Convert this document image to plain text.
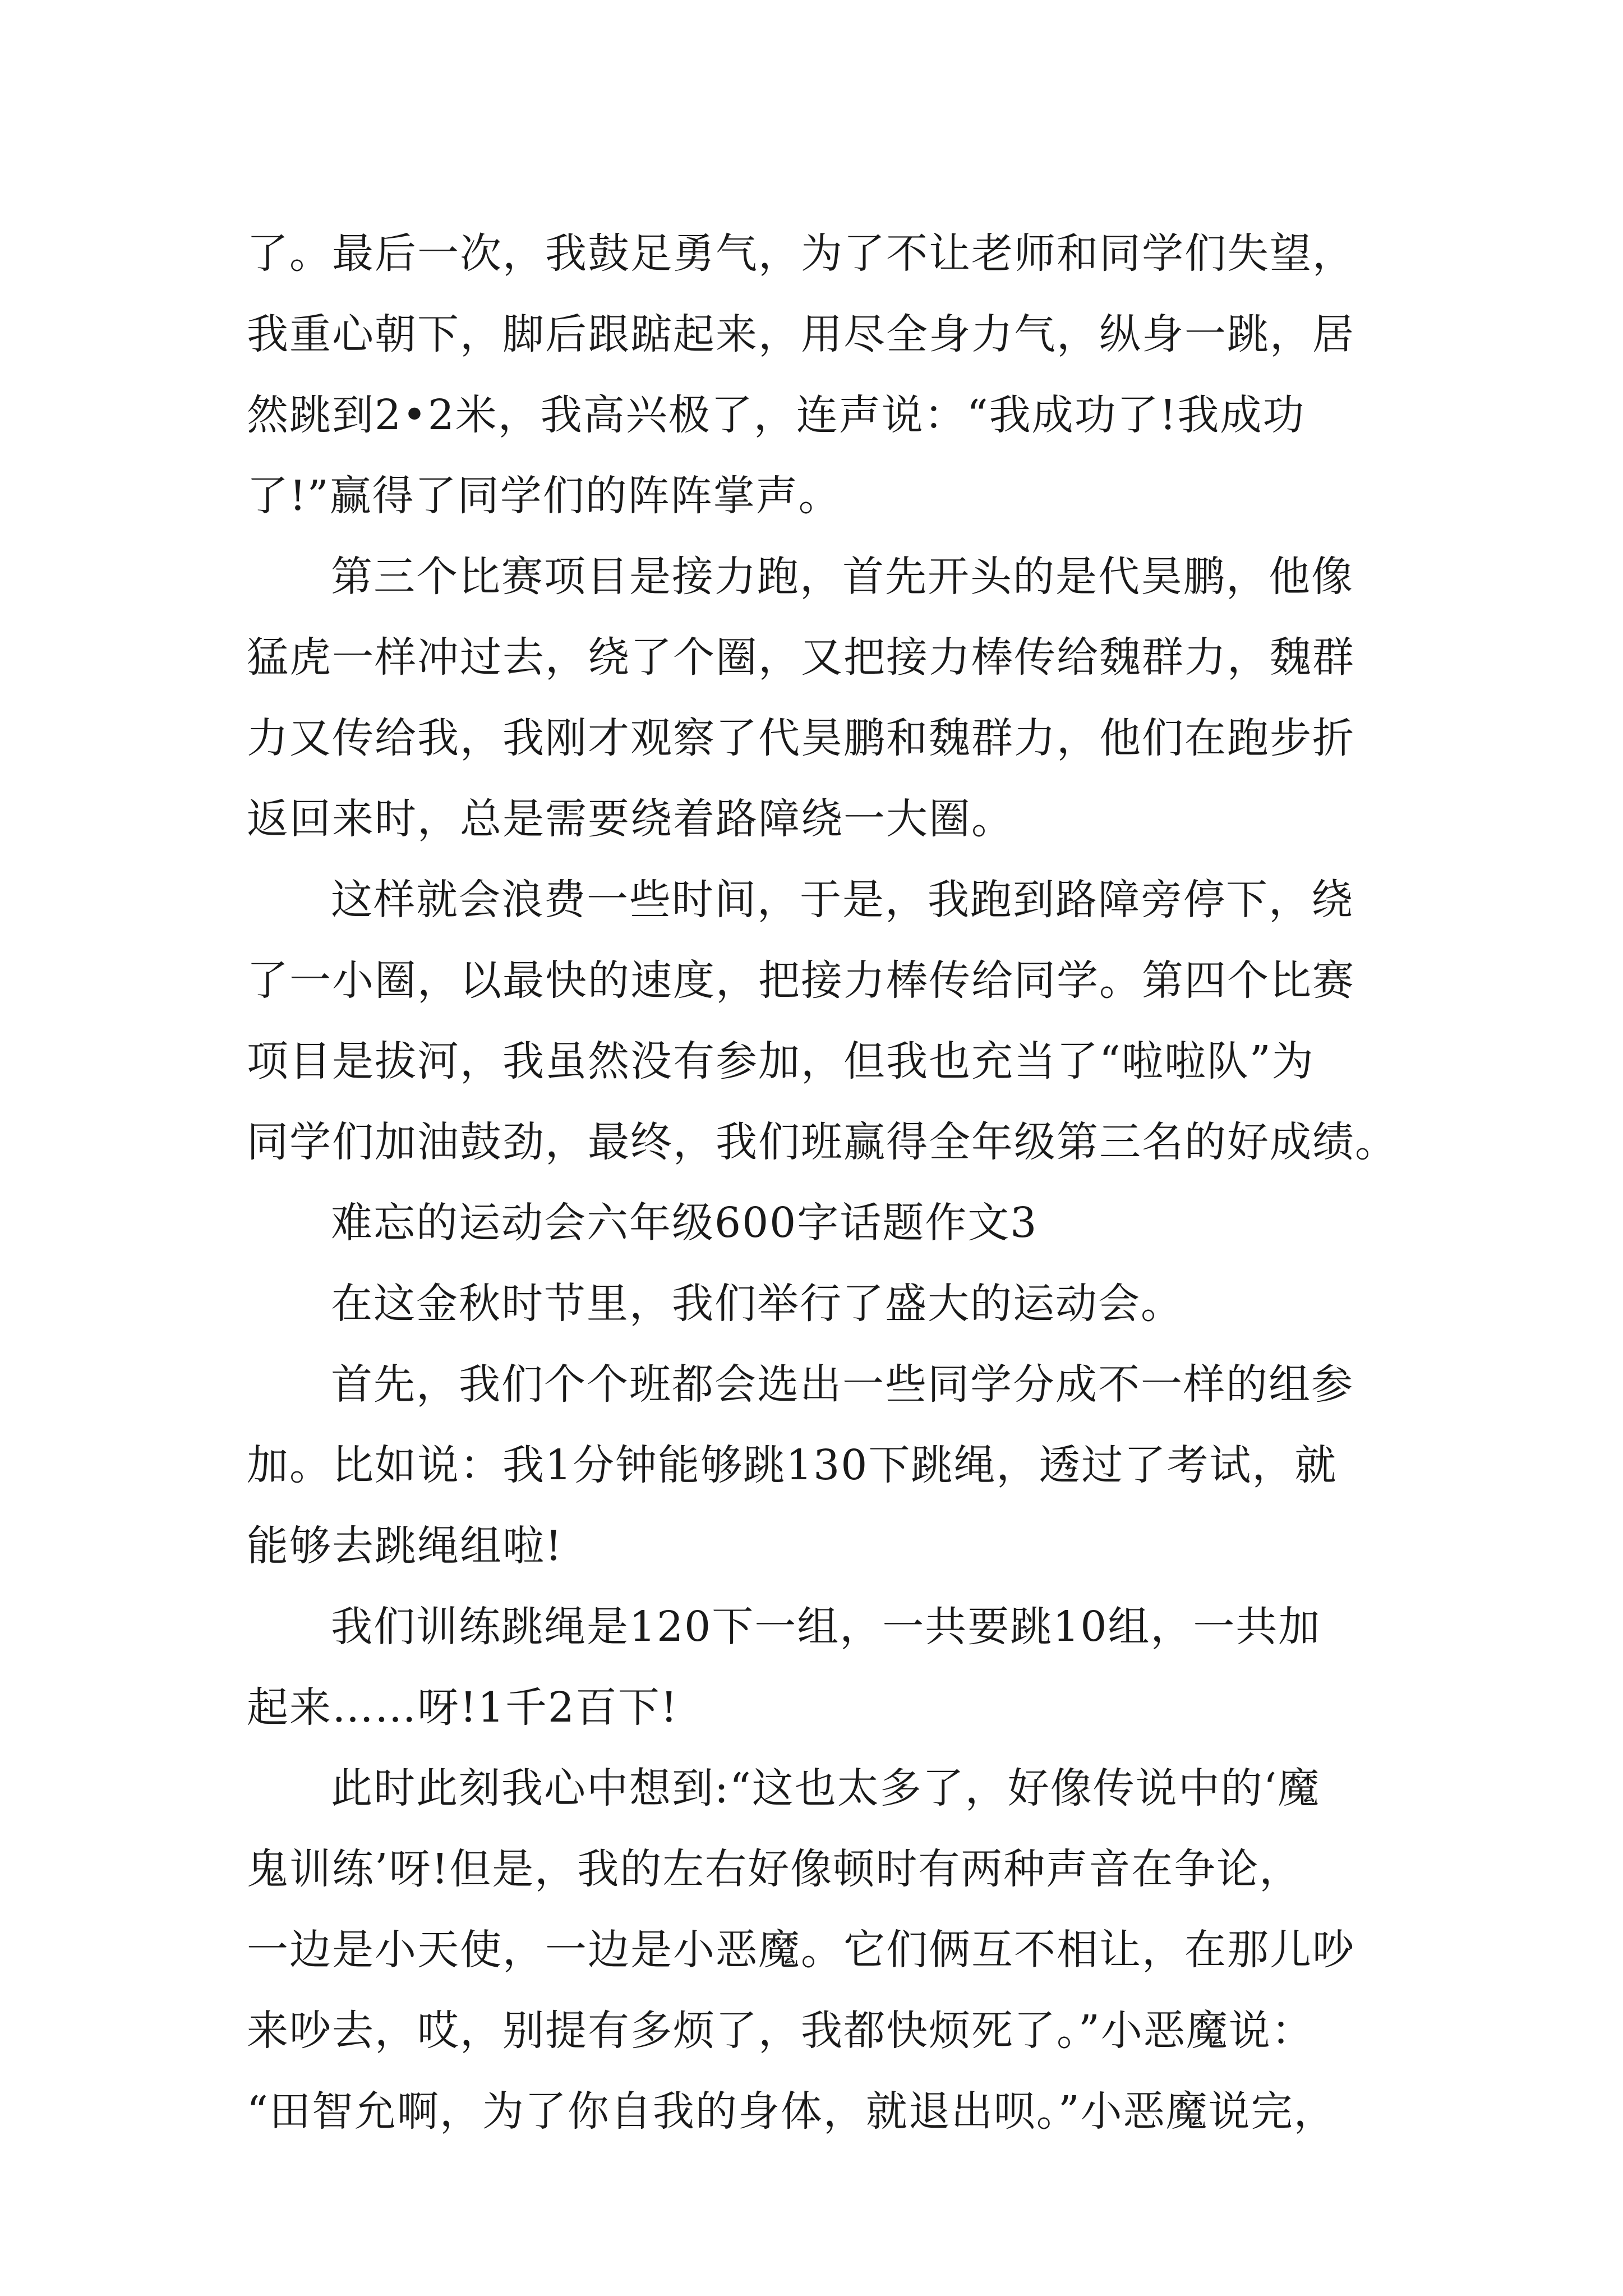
了。最后一次，我鼓足勇气，为了不让老师和同学们失望，
我重心朝下，脚后跟踮起来，用尽全身力气，纵身一跳，居
然跳到2•2米，我高兴极了，连声说：“我成功了!我成功
了!”赢得了同学们的阵阵掌声。
第三个比赛项目是接力跑，首先开头的是代昊鹏，他像
猛虎一样冲过去，绕了个圈，又把接力棒传给魏群力，魏群
力又传给我，我刚才观察了代昊鹏和魏群力，他们在跑步折
返回来时，总是需要绕着路障绕一大圈。
这样就会浪费一些时间，于是，我跑到路障旁停下，绕
了一小圈，以最快的速度，把接力棒传给同学。第四个比赛
项目是拔河，我虽然没有参加，但我也充当了“啦啦队”为
同学们加油鼓劲，最终，我们班赢得全年级第三名的好成绩。
难忘的运动会六年级600字话题作文3
在这金秋时节里，我们举行了盛大的运动会。
首先，我们个个班都会选出一些同学分成不一样的组参
加。比如说：我1分钟能够跳130下跳绳，透过了考试，就
能够去跳绳组啦!
我们训练跳绳是120下一组，一共要跳10组，一共加
起来……呀!1千2百下!
此时此刻我心中想到:“这也太多了，好像传说中的‘魔
鬼训练’呀!但是，我的左右好像顿时有两种声音在争论，
一边是小天使，一边是小恶魔。它们俩互不相让，在那儿吵
来吵去，哎，别提有多烦了，我都快烦死了。”小恶魔说：
“田智允啊，为了你自我的身体，就退出呗。”小恶魔说完，
